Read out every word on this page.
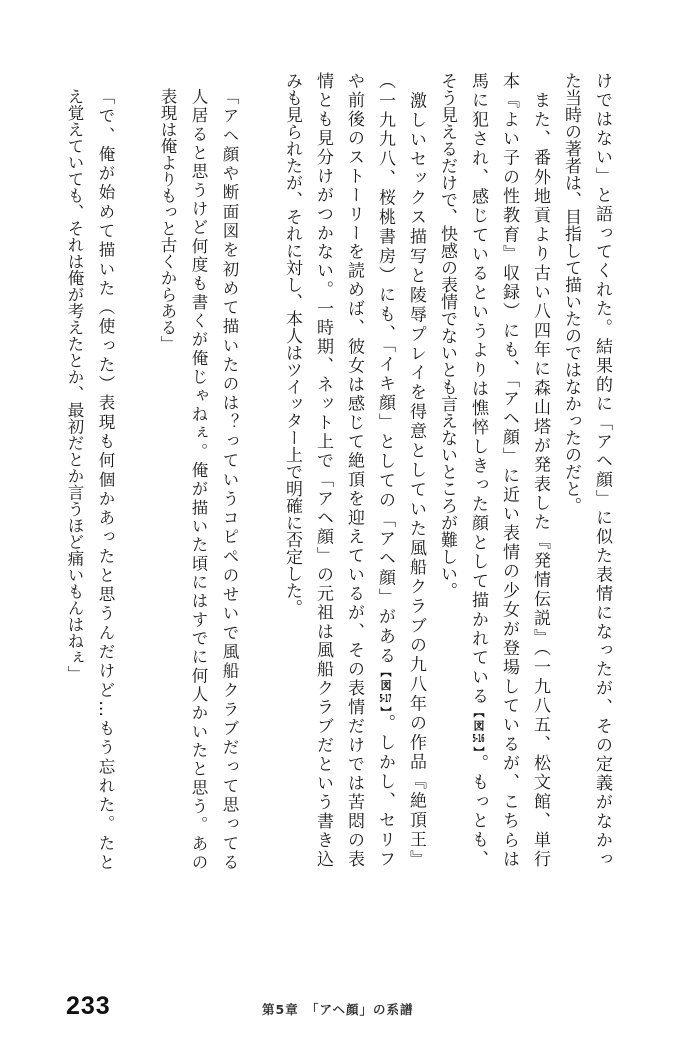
けではない」と語ってくれた。結果的に「アヘ顔」に似た表情になったが、その定義がなかっ
た当時の著者は、目指して描いたのではなかったのだと。
　また、番外地貢より古い八四年に森山塔が発表した『発情伝説』（一九八五、松文館、単行
本『よい子の性教育』収録）にも、「アヘ顔」に近い表情の少女が登場しているが、こちらは
馬に犯され、感じているというよりは憔悴しきった顔として描かれている【図5-16】。もっとも、
そう見えるだけで、快感の表情でないとも言えないところが難しい。
　激しいセックス描写と陵辱プレイを得意としていた風船クラブの九八年の作品『絶頂王』
（一九九八、桜桃書房）にも、「イキ顔」としての「アヘ顔」がある【図5-17】。しかし、セリフ
や前後のストーリーを読めば、彼女は感じて絶頂を迎えているが、その表情だけでは苦悶の表
情とも見分けがつかない。一時期、ネット上で「アヘ顔」の元祖は風船クラブだという書き込
みも見られたが、それに対し、本人はツイッター上で明確に否定した。
「アヘ顔や断面図を初めて描いたのは？っていうコピペのせいで風船クラブだって思ってる
人居ると思うけど何度も書くが俺じゃねぇ。俺が描いた頃にはすでに何人かいたと思う。あの
表現は俺よりもっと古くからある」
「で、俺が始めて描いた（使った）表現も何個かあったと思うんだけど…もう忘れた。たと
え覚えていても、それは俺が考えたとか、最初だとか言うほど痛いもんはねぇ」
233	第5章　「アヘ顔」の系譜
